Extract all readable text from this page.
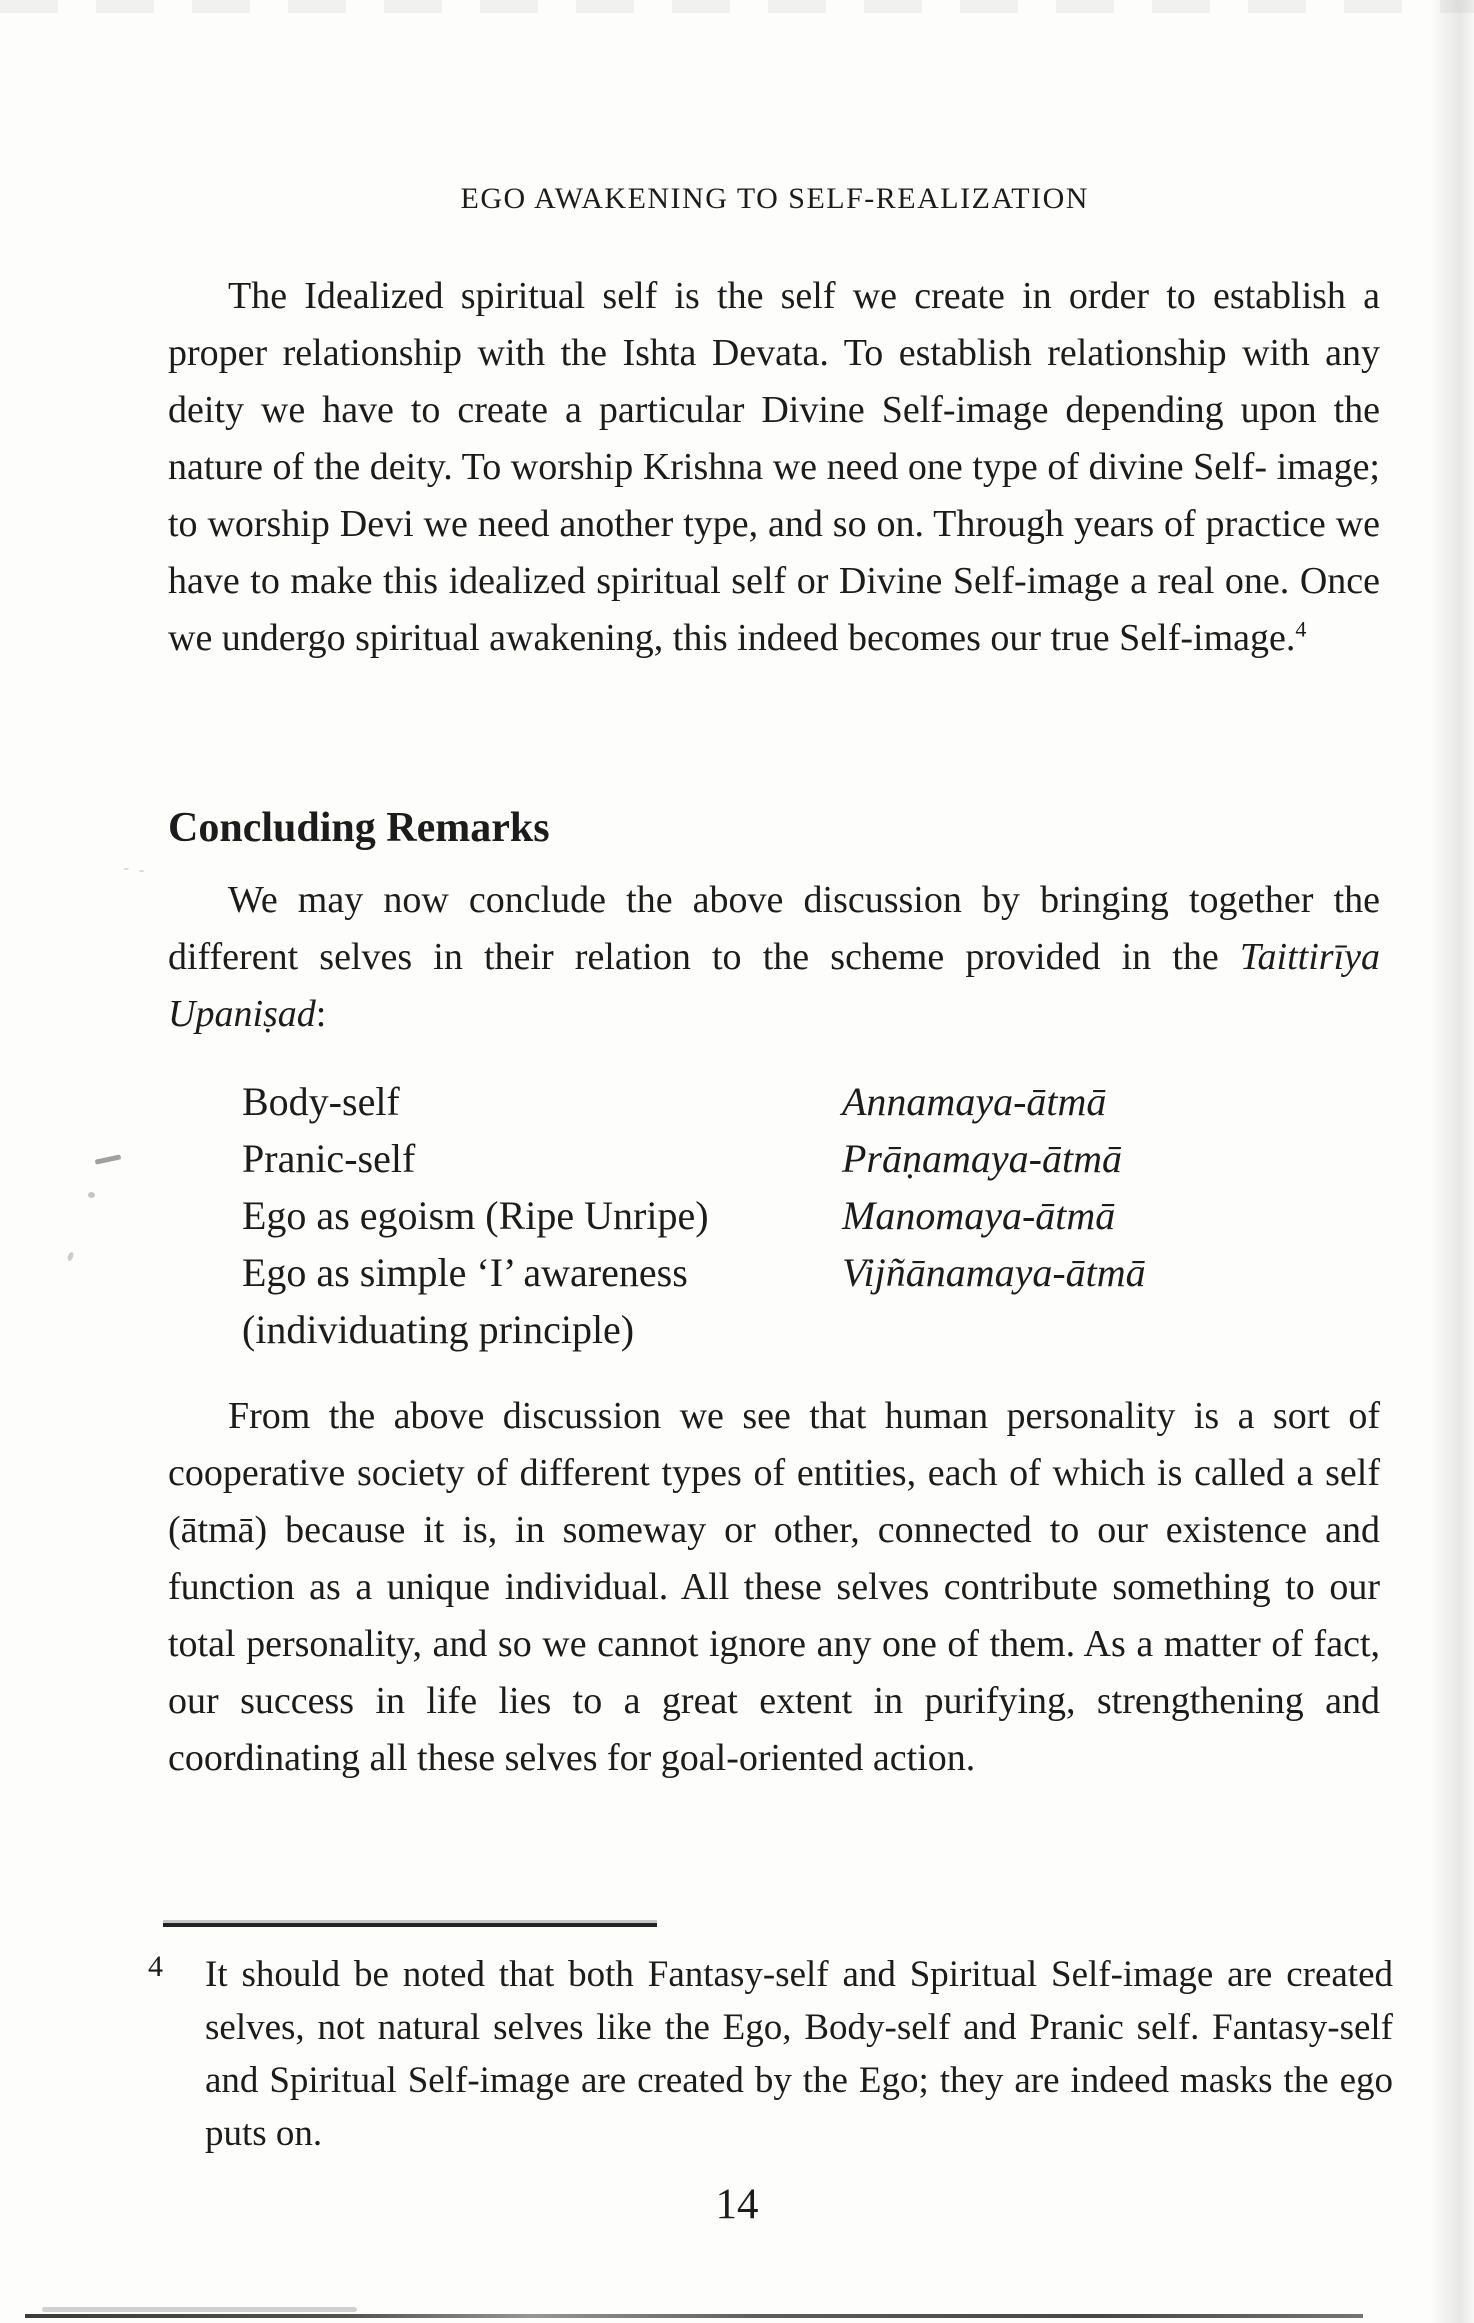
EGO AWAKENING TO SELF-REALIZATION

The Idealized spiritual self is the self we create in order to establish a proper relationship with the Ishta Devata. To establish relationship with any deity we have to create a particular Divine Self-image depending upon the nature of the deity. To worship Krishna we need one type of divine Self- image; to worship Devi we need another type, and so on. Through years of practice we have to make this idealized spiritual self or Divine Self-image a real one. Once we undergo spiritual awakening, this indeed becomes our true Self-image.$^4$

Concluding Remarks

We may now conclude the above discussion by bringing together the different selves in their relation to the scheme provided in the Taittirīya Upaniṣad:

Body-self	Annamaya-ātmā
Pranic-self	Prāṇamaya-ātmā
Ego as egoism (Ripe Unripe)	Manomaya-ātmā
Ego as simple ‘I’ awareness	Vijñānamaya-ātmā
(individuating principle)

From the above discussion we see that human personality is a sort of cooperative society of different types of entities, each of which is called a self (ātmā) because it is, in someway or other, connected to our existence and function as a unique individual. All these selves contribute something to our total personality, and so we cannot ignore any one of them. As a matter of fact, our success in life lies to a great extent in purifying, strengthening and coordinating all these selves for goal-oriented action.

4 It should be noted that both Fantasy-self and Spiritual Self-image are created selves, not natural selves like the Ego, Body-self and Pranic self. Fantasy-self and Spiritual Self-image are created by the Ego; they are indeed masks the ego puts on.
14
